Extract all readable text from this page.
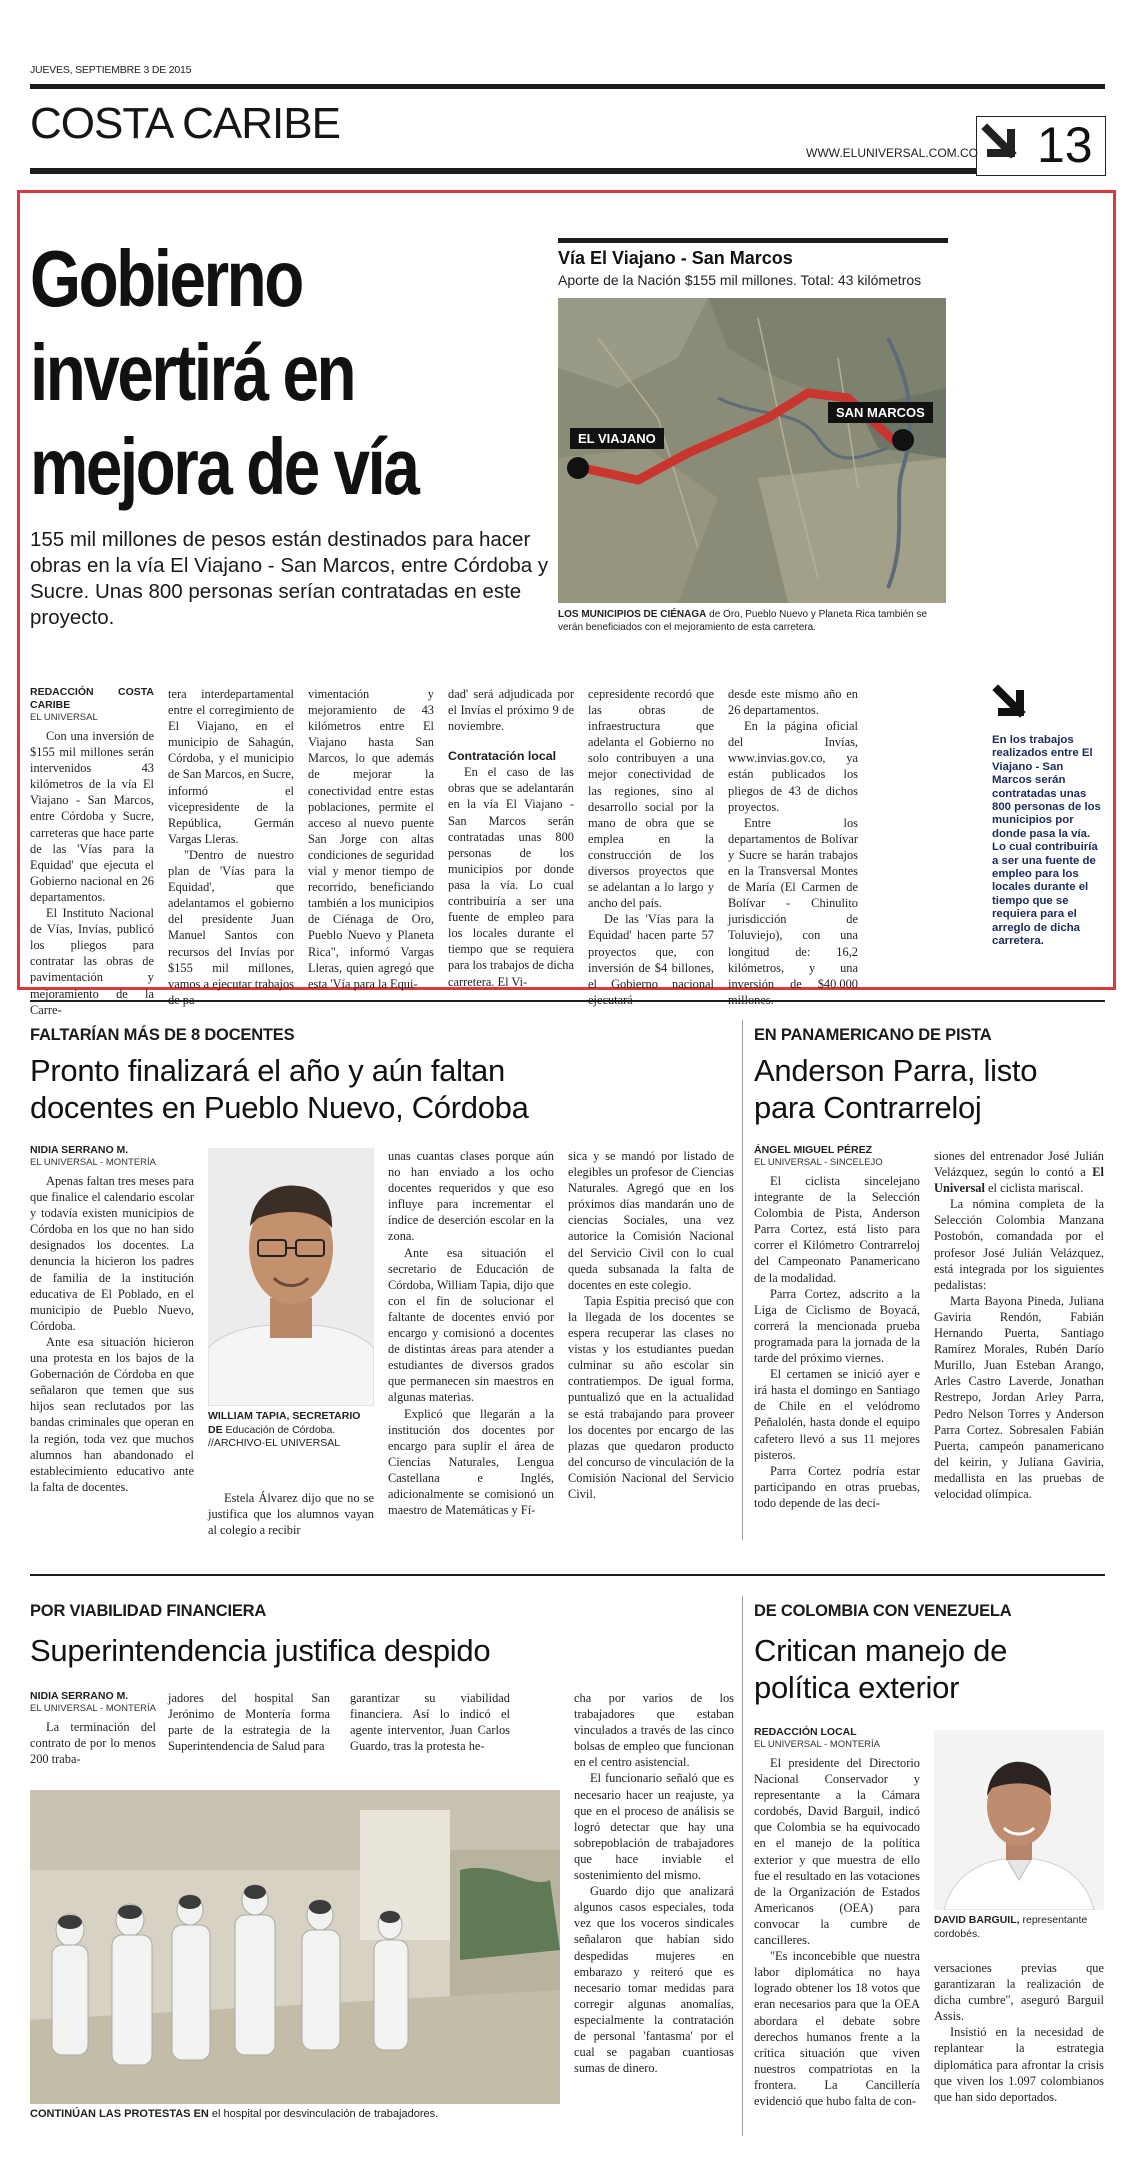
JUEVES, SEPTIEMBRE 3 DE 2015
COSTA CARIBE
WWW.ELUNIVERSAL.COM.CO 13
Gobierno
invertirá en
mejora de vía
155 mil millones de pesos están destinados para hacer obras en la vía El Viajano - San Marcos, entre Córdoba y Sucre. Unas 800 personas serían contratadas en este proyecto.
Vía El Viajano - San Marcos
Aporte de la Nación $155 mil millones. Total: 43 kilómetros
EL VIAJANO
SAN MARCOS
LOS MUNICIPIOS DE CIÉNAGA de Oro, Pueblo Nuevo y Planeta Rica también se verán beneficiados con el mejoramiento de esta carretera.
REDACCIÓN COSTA CARIBE
EL UNIVERSAL

Con una inversión de $155 mil millones serán intervenidos 43 kilómetros de la vía El Viajano - San Marcos, entre Córdoba y Sucre, carreteras que hace parte de las 'Vías para la Equidad' que ejecuta el Gobierno nacional en 26 departamentos.

El Instituto Nacional de Vías, Invías, publicó los pliegos para contratar las obras de pavimentación y mejoramiento de la Carre-

tera interdepartamental entre el corregimiento de El Viajano, en el municipio de Sahagún, Córdoba, y el municipio de San Marcos, en Sucre, informó el vicepresidente de la República, Germán Vargas Lleras.

"Dentro de nuestro plan de 'Vías para la Equidad', que adelantamos el gobierno del presidente Juan Manuel Santos con recursos del Invías por $155 mil millones, vamos a ejecutar trabajos

vimentación y mejoramiento de 43 kilómetros entre El Viajano hasta San Marcos, lo que además de mejorar la conectividad entre estas poblaciones, permite el acceso al nuevo puente San Jorge con altas condiciones de seguridad vial y menor tiempo de recorrido, beneficiando también a los municipios de Ciénaga de Oro, Pueblo Nuevo y Planeta Rica", informó Vargas Lleras, quien agregó que esta 'Vía para la Equi-

dad' será adjudicada por el Invías el próximo 9 de noviembre.

Contratación local

En el caso de las obras que se adelantarán en la vía El Viajano - San Marcos serán contratadas unas 800 personas de los municipios por donde pasa la vía. Lo cual contribuiría a ser una fuente de empleo para los locales durante el tiempo que se requiera para los trabajos de dicha carretera. El Vi-

cepresidente recordó que las obras de infraestructura que adelanta el Gobierno no solo contribuyen a una mejor conectividad de las regiones, sino al desarrollo social por la mano de obra que se emplea en la construcción de los diversos proyectos que se adelantan a lo largo y ancho del país.

De las 'Vías para la Equidad' hacen parte 57 proyectos que, con inversión de $4 billones, el Gobierno nacional

desde este mismo año en 26 departamentos.

En la página oficial del Invías, www.invias.gov.co, ya están publicados los pliegos de 43 de dichos proyectos.

Entre los departamentos de Bolívar y Sucre se harán trabajos en la Transversal Montes de María (El Carmen de Bolívar - Chinulito jurisdicción de Toluviejo), con una longitud de: 16,2 kilómetros, y una inversión de $40.000

En los trabajos realizados entre El Viajano - San Marcos serán contratadas unas 800 personas de los municipios por donde pasa la vía. Lo cual contribuiría a ser una fuente de empleo para los locales durante el tiempo que se requiera para el arreglo de dicha carretera.
FALTARÍAN MÁS DE 8 DOCENTES
Pronto finalizará el año y aún faltan docentes en Pueblo Nuevo, Córdoba
NIDIA SERRANO M.
EL UNIVERSAL - MONTERÍA

Apenas faltan tres meses para que finalice el calendario escolar y todavía existen municipios de Córdoba en los que no han sido designados los docentes. La denuncia la hicieron los padres de familia de la institución educativa de El Poblado, en el municipio de Pueblo Nuevo, Córdoba.

Ante esa situación hicieron una protesta en los bajos de la Gobernación de Córdoba en que señalaron que temen que sus hijos sean reclutados por las bandas criminales que operan en la región, toda vez que muchos alumnos han abandonado el establecimiento educativo ante la falta de docentes.

WILLIAM TAPIA, SECRETARIO DE Educación de Córdoba. //ARCHIVO-EL UNIVERSAL

Estela Álvarez dijo que no se justifica que los alumnos vayan al colegio a recibir

unas cuantas clases porque aún no han enviado a los ocho docentes requeridos y que eso influye para incrementar el índice de deserción escolar en la zona.

Ante esa situación el secretario de Educación de Córdoba, William Tapia, dijo que con el fin de solucionar el faltante de docentes envió por encargo y comisionó a docentes de distintas áreas para atender a estudiantes de diversos grados que permanecen sin maestros en algunas materias.

Explicó que llegarán a la institución dos docentes por encargo para suplir el área de Ciencias Naturales, Lengua Castellana e Inglés, adicionalmente se comisionó un maestro de Matemáticas y Fí-

sica y se mandó por listado de elegibles un profesor de Ciencias Naturales. Agregó que en los próximos días mandarán uno de ciencias Sociales, una vez autorice la Comisión Nacional del Servicio Civil con lo cual queda subsanada la falta de docentes en este colegio.

Tapia Espitia precisó que con la llegada de los docentes se espera recuperar las clases no vistas y los estudiantes puedan culminar su año escolar sin contratiempos. De igual forma, puntualizó que en la actualidad se está trabajando para proveer los docentes por encargo de las plazas que quedaron producto del concurso de vinculación de la Comisión Nacional del Servicio Civil.

EN PANAMERICANO DE PISTA
Anderson Parra, listo para Contrarreloj
ÁNGEL MIGUEL PÉREZ
EL UNIVERSAL - SINCELEJO

El ciclista sincelejano integrante de la Selección Colombia de Pista, Anderson Parra Cortez, está listo para correr el Kilómetro Contrarreloj del Campeonato Panamericano de la modalidad.

Parra Cortez, adscrito a la Liga de Ciclismo de Boyacá, correrá la mencionada prueba programada para la jornada de la tarde del próximo viernes.

El certamen se inició ayer e irá hasta el domingo en Santiago de Chile en el velódromo Peñalolén, hasta donde el equipo cafetero llevó a sus 11 mejores pisteros.

Parra Cortez podría estar participando en otras pruebas, todo depende de las deci-

siones del entrenador José Julián Velázquez, según lo contó a El Universal el ciclista mariscal.

La nómina completa de la Selección Colombia Manzana Postobón, comandada por el profesor José Julián Velázquez, está integrada por los siguientes pedalistas:

Marta Bayona Pineda, Juliana Gaviria Rendón, Fabián Hernando Puerta, Santiago Ramírez Morales, Rubén Darío Murillo, Juan Esteban Arango, Arles Castro Laverde, Jonathan Restrepo, Jordan Arley Parra, Pedro Nelson Torres y Anderson Parra Cortez. Sobresalen Fabián Puerta, campeón panamericano del keirin, y Juliana Gaviria, medallista en las pruebas de velocidad olímpica.

POR VIABILIDAD FINANCIERA
Superintendencia justifica despido
NIDIA SERRANO M.
EL UNIVERSAL - MONTERÍA

La terminación del contrato de por lo menos 200 traba-

jadores del hospital San Jerónimo de Montería forma parte de la estrategia de la Superintendencia de Salud para

garantizar su viabilidad financiera. Así lo indicó el agente interventor, Juan Carlos Guardo, tras la protesta he-

cha por varios de los trabajadores que estaban vinculados a través de las cinco bolsas de empleo que funcionan en el centro asistencial.

El funcionario señaló que es necesario hacer un reajuste, ya que en el proceso de análisis se logró detectar que hay una sobrepoblación de trabajadores que hace inviable el sostenimiento del mismo.

Guardo dijo que analizará algunos casos especiales, toda vez que los voceros sindicales señalaron que habían sido despedidas mujeres en embarazo y reiteró que es necesario tomar medidas para corregir algunas anomalías, especialmente la contratación de personal 'fantasma' por el cual se pagaban cuantiosas sumas de dinero.

CONTINÚAN LAS PROTESTAS EN el hospital por desvinculación de trabajadores.
DE COLOMBIA CON VENEZUELA
Critican manejo de política exterior
REDACCIÓN LOCAL
EL UNIVERSAL - MONTERÍA

El presidente del Directorio Nacional Conservador y representante a la Cámara cordobés, David Barguil, indicó que Colombia se ha equivocado en el manejo de la política exterior y que muestra de ello fue el resultado en las votaciones de la Organización de Estados Americanos (OEA) para convocar la cumbre de cancilleres.

"Es inconcebible que nuestra labor diplomática no haya logrado obtener los 18 votos que eran necesarios para que la OEA abordara el debate sobre derechos humanos frente a la crítica situación que viven nuestros compatriotas en la frontera. La Cancillería evidenció que hubo falta de con-

DAVID BARGUIL, representante cordobés.

versaciones previas que garantizaran la realización de dicha cumbre", aseguró Barguil Assis.

Insistió en la necesidad de replantear la estrategia diplomática para afrontar la crisis que viven los 1.097 colombianos que han sido deportados.
